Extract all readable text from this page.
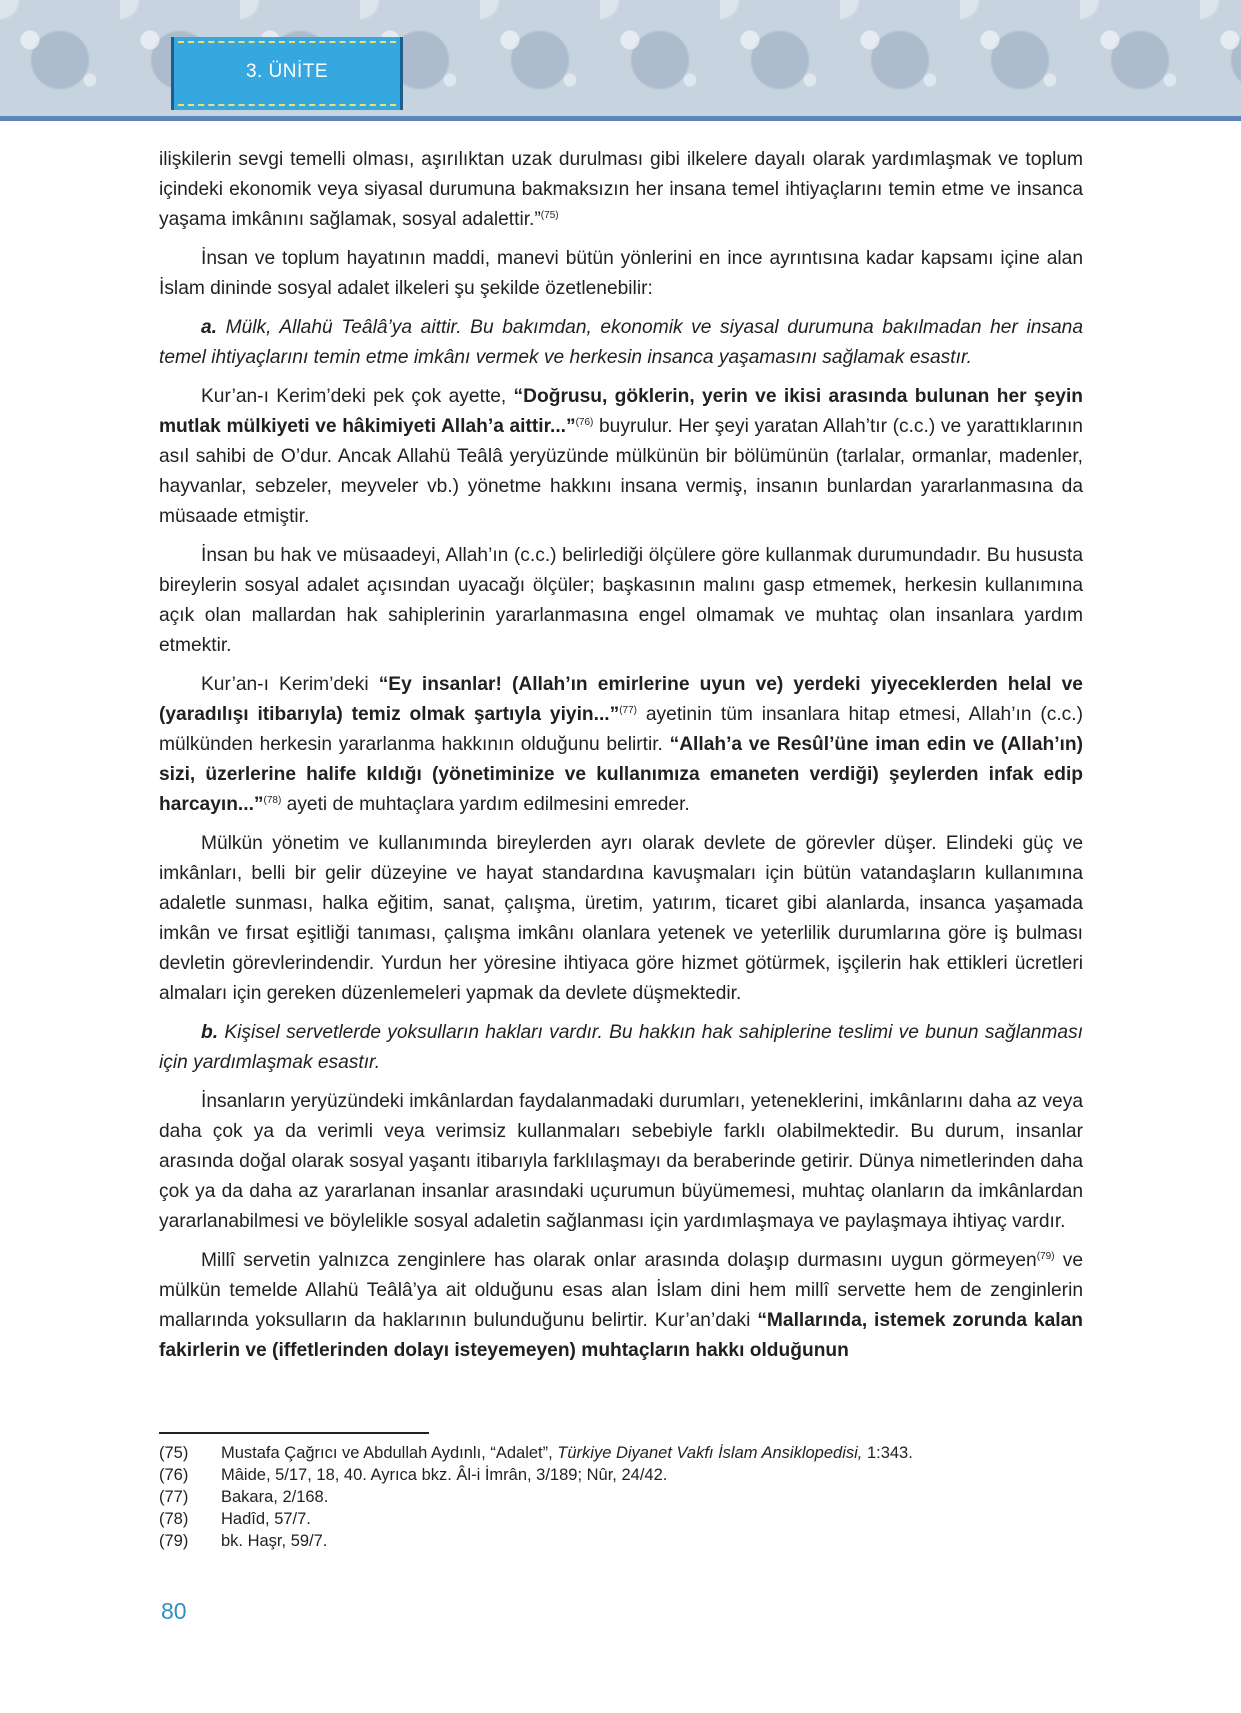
3. ÜNİTE

ilişkilerin sevgi temelli olması, aşırılıktan uzak durulması gibi ilkelere dayalı olarak yardımlaşmak ve toplum içindeki ekonomik veya siyasal durumuna bakmaksızın her insana temel ihtiyaçlarını temin etme ve insanca yaşama imkânını sağlamak, sosyal adalettir.”$^{(75)}$

İnsan ve toplum hayatının maddi, manevi bütün yönlerini en ince ayrıntısına kadar kapsamı içine alan İslam dininde sosyal adalet ilkeleri şu şekilde özetlenebilir:

a. Mülk, Allahü Teâlâ’ya aittir. Bu bakımdan, ekonomik ve siyasal durumuna bakılmadan her insana temel ihtiyaçlarını temin etme imkânı vermek ve herkesin insanca yaşamasını sağlamak esastır.

Kur’an-ı Kerim’deki pek çok ayette, “Doğrusu, göklerin, yerin ve ikisi arasında bulunan her şeyin mutlak mülkiyeti ve hâkimiyeti Allah’a aittir...”$^{(76)}$ buyrulur. Her şeyi yaratan Allah’tır (c.c.) ve yarattıklarının asıl sahibi de O’dur. Ancak Allahü Teâlâ yeryüzünde mülkünün bir bölümünün (tarlalar, ormanlar, madenler, hayvanlar, sebzeler, meyveler vb.) yönetme hakkını insana vermiş, insanın bunlardan yararlanmasına da müsaade etmiştir.

İnsan bu hak ve müsaadeyi, Allah’ın (c.c.) belirlediği ölçülere göre kullanmak durumundadır. Bu hususta bireylerin sosyal adalet açısından uyacağı ölçüler; başkasının malını gasp etmemek, herkesin kullanımına açık olan mallardan hak sahiplerinin yararlanmasına engel olmamak ve muhtaç olan insanlara yardım etmektir.

Kur’an-ı Kerim’deki “Ey insanlar! (Allah’ın emirlerine uyun ve) yerdeki yiyeceklerden helal ve (yaradılışı itibarıyla) temiz olmak şartıyla yiyin...”$^{(77)}$ ayetinin tüm insanlara hitap etmesi, Allah’ın (c.c.) mülkünden herkesin yararlanma hakkının olduğunu belirtir. “Allah’a ve Resûl’üne iman edin ve (Allah’ın) sizi, üzerlerine halife kıldığı (yönetiminize ve kullanımıza emaneten verdiği) şeylerden infak edip harcayın...”$^{(78)}$ ayeti de muhtaçlara yardım edilmesini emreder.

Mülkün yönetim ve kullanımında bireylerden ayrı olarak devlete de görevler düşer. Elindeki güç ve imkânları, belli bir gelir düzeyine ve hayat standardına kavuşmaları için bütün vatandaşların kullanımına adaletle sunması, halka eğitim, sanat, çalışma, üretim, yatırım, ticaret gibi alanlarda, insanca yaşamada imkân ve fırsat eşitliği tanıması, çalışma imkânı olanlara yetenek ve yeterlilik durumlarına göre iş bulması devletin görevlerindendir. Yurdun her yöresine ihtiyaca göre hizmet götürmek, işçilerin hak ettikleri ücretleri almaları için gereken düzenlemeleri yapmak da devlete düşmektedir.

b. Kişisel servetlerde yoksulların hakları vardır. Bu hakkın hak sahiplerine teslimi ve bunun sağlanması için yardımlaşmak esastır.

İnsanların yeryüzündeki imkânlardan faydalanmadaki durumları, yeteneklerini, imkânlarını daha az veya daha çok ya da verimli veya verimsiz kullanmaları sebebiyle farklı olabilmektedir. Bu durum, insanlar arasında doğal olarak sosyal yaşantı itibarıyla farklılaşmayı da beraberinde getirir. Dünya nimetlerinden daha çok ya da daha az yararlanan insanlar arasındaki uçurumun büyümemesi, muhtaç olanların da imkânlardan yararlanabilmesi ve böylelikle sosyal adaletin sağlanması için yardımlaşmaya ve paylaşmaya ihtiyaç vardır.

Millî servetin yalnızca zenginlere has olarak onlar arasında dolaşıp durmasını uygun görmeyen$^{(79)}$ ve mülkün temelde Allahü Teâlâ’ya ait olduğunu esas alan İslam dini hem millî servette hem de zenginlerin mallarında yoksulların da haklarının bulunduğunu belirtir. Kur’an’daki “Mallarında, istemek zorunda kalan fakirlerin ve (iffetlerinden dolayı isteyemeyen) muhtaçların hakkı olduğunun

(75)	Mustafa Çağrıcı ve Abdullah Aydınlı, “Adalet”, Türkiye Diyanet Vakfı İslam Ansiklopedisi, 1:343.
(76)	Mâide, 5/17, 18, 40. Ayrıca bkz. Âl-i İmrân, 3/189; Nûr, 24/42.
(77)	Bakara, 2/168.
(78)	Hadîd, 57/7.
(79)	bk. Haşr, 59/7.
80
